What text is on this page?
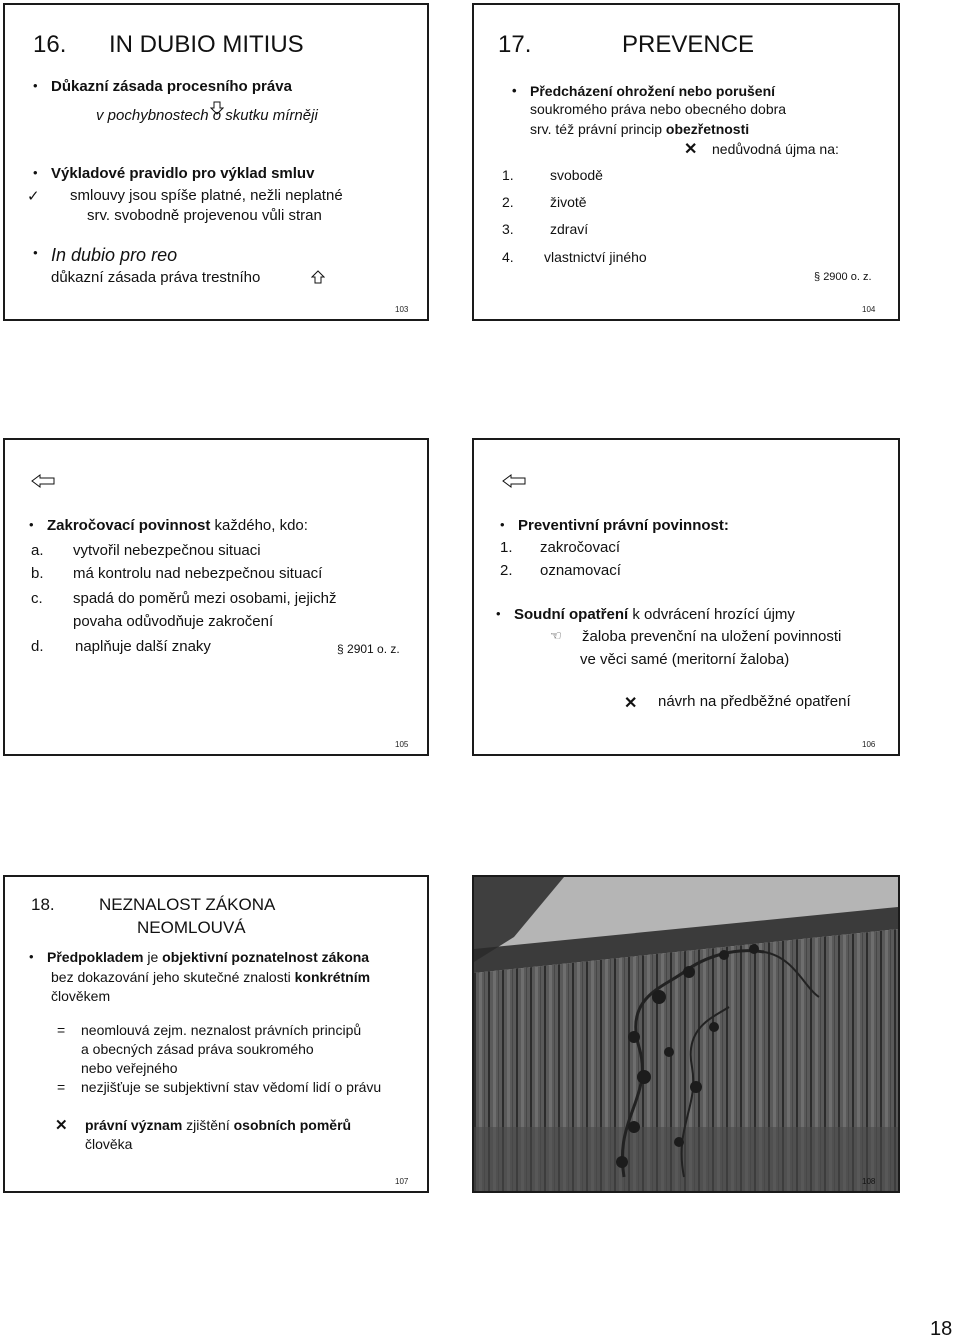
16. IN DUBIO MITIUS
• Důkazní zásada procesního práva
v pochybnostech o skutku mírněji
• Výkladové pravidlo pro výklad smluv
✓ smlouvy jsou spíše platné, nežli neplatné
srv. svobodně projevenou vůli stran
• In dubio pro reo
důkazní zásada práva trestního
103
17.	PREVENCE
• Předcházení ohrožení nebo porušení
soukromého práva nebo obecného dobra
srv. též právní princip obezřetnosti
✕ nedůvodná újma na:
1.	svobodě
2.	životě
3.	zdraví
4. vlastnictví jiného
§ 2900 o. z.
104
• Zakročovací povinnost každého, kdo:
a. vytvořil nebezpečnou situaci
b. má kontrolu nad nebezpečnou situací
c. spadá do poměrů mezi osobami, jejichž
povaha odůvodňuje zakročení
d. naplňuje další znaky	§ 2901 o. z.
105
• Preventivní právní povinnost:
1. zakročovací
2. oznamovací
• Soudní opatření k odvrácení hrozící újmy
☜ žaloba prevenční na uložení povinnosti
ve věci samé (meritorní žaloba)
✕ návrh na předběžné opatření
106
18.	NEZNALOST ZÁKONA
NEOMLOUVÁ
• Předpokladem je objektivní poznatelnost zákona
bez dokazování jeho skutečné znalosti konkrétním
člověkem
= neomlouvá zejm. neznalost právních principů
a obecných zásad práva soukromého
nebo veřejného
= nezjišťuje se subjektivní stav vědomí lidí o právu
✕ právní význam zjištění osobních poměrů
člověka
107	108
18
